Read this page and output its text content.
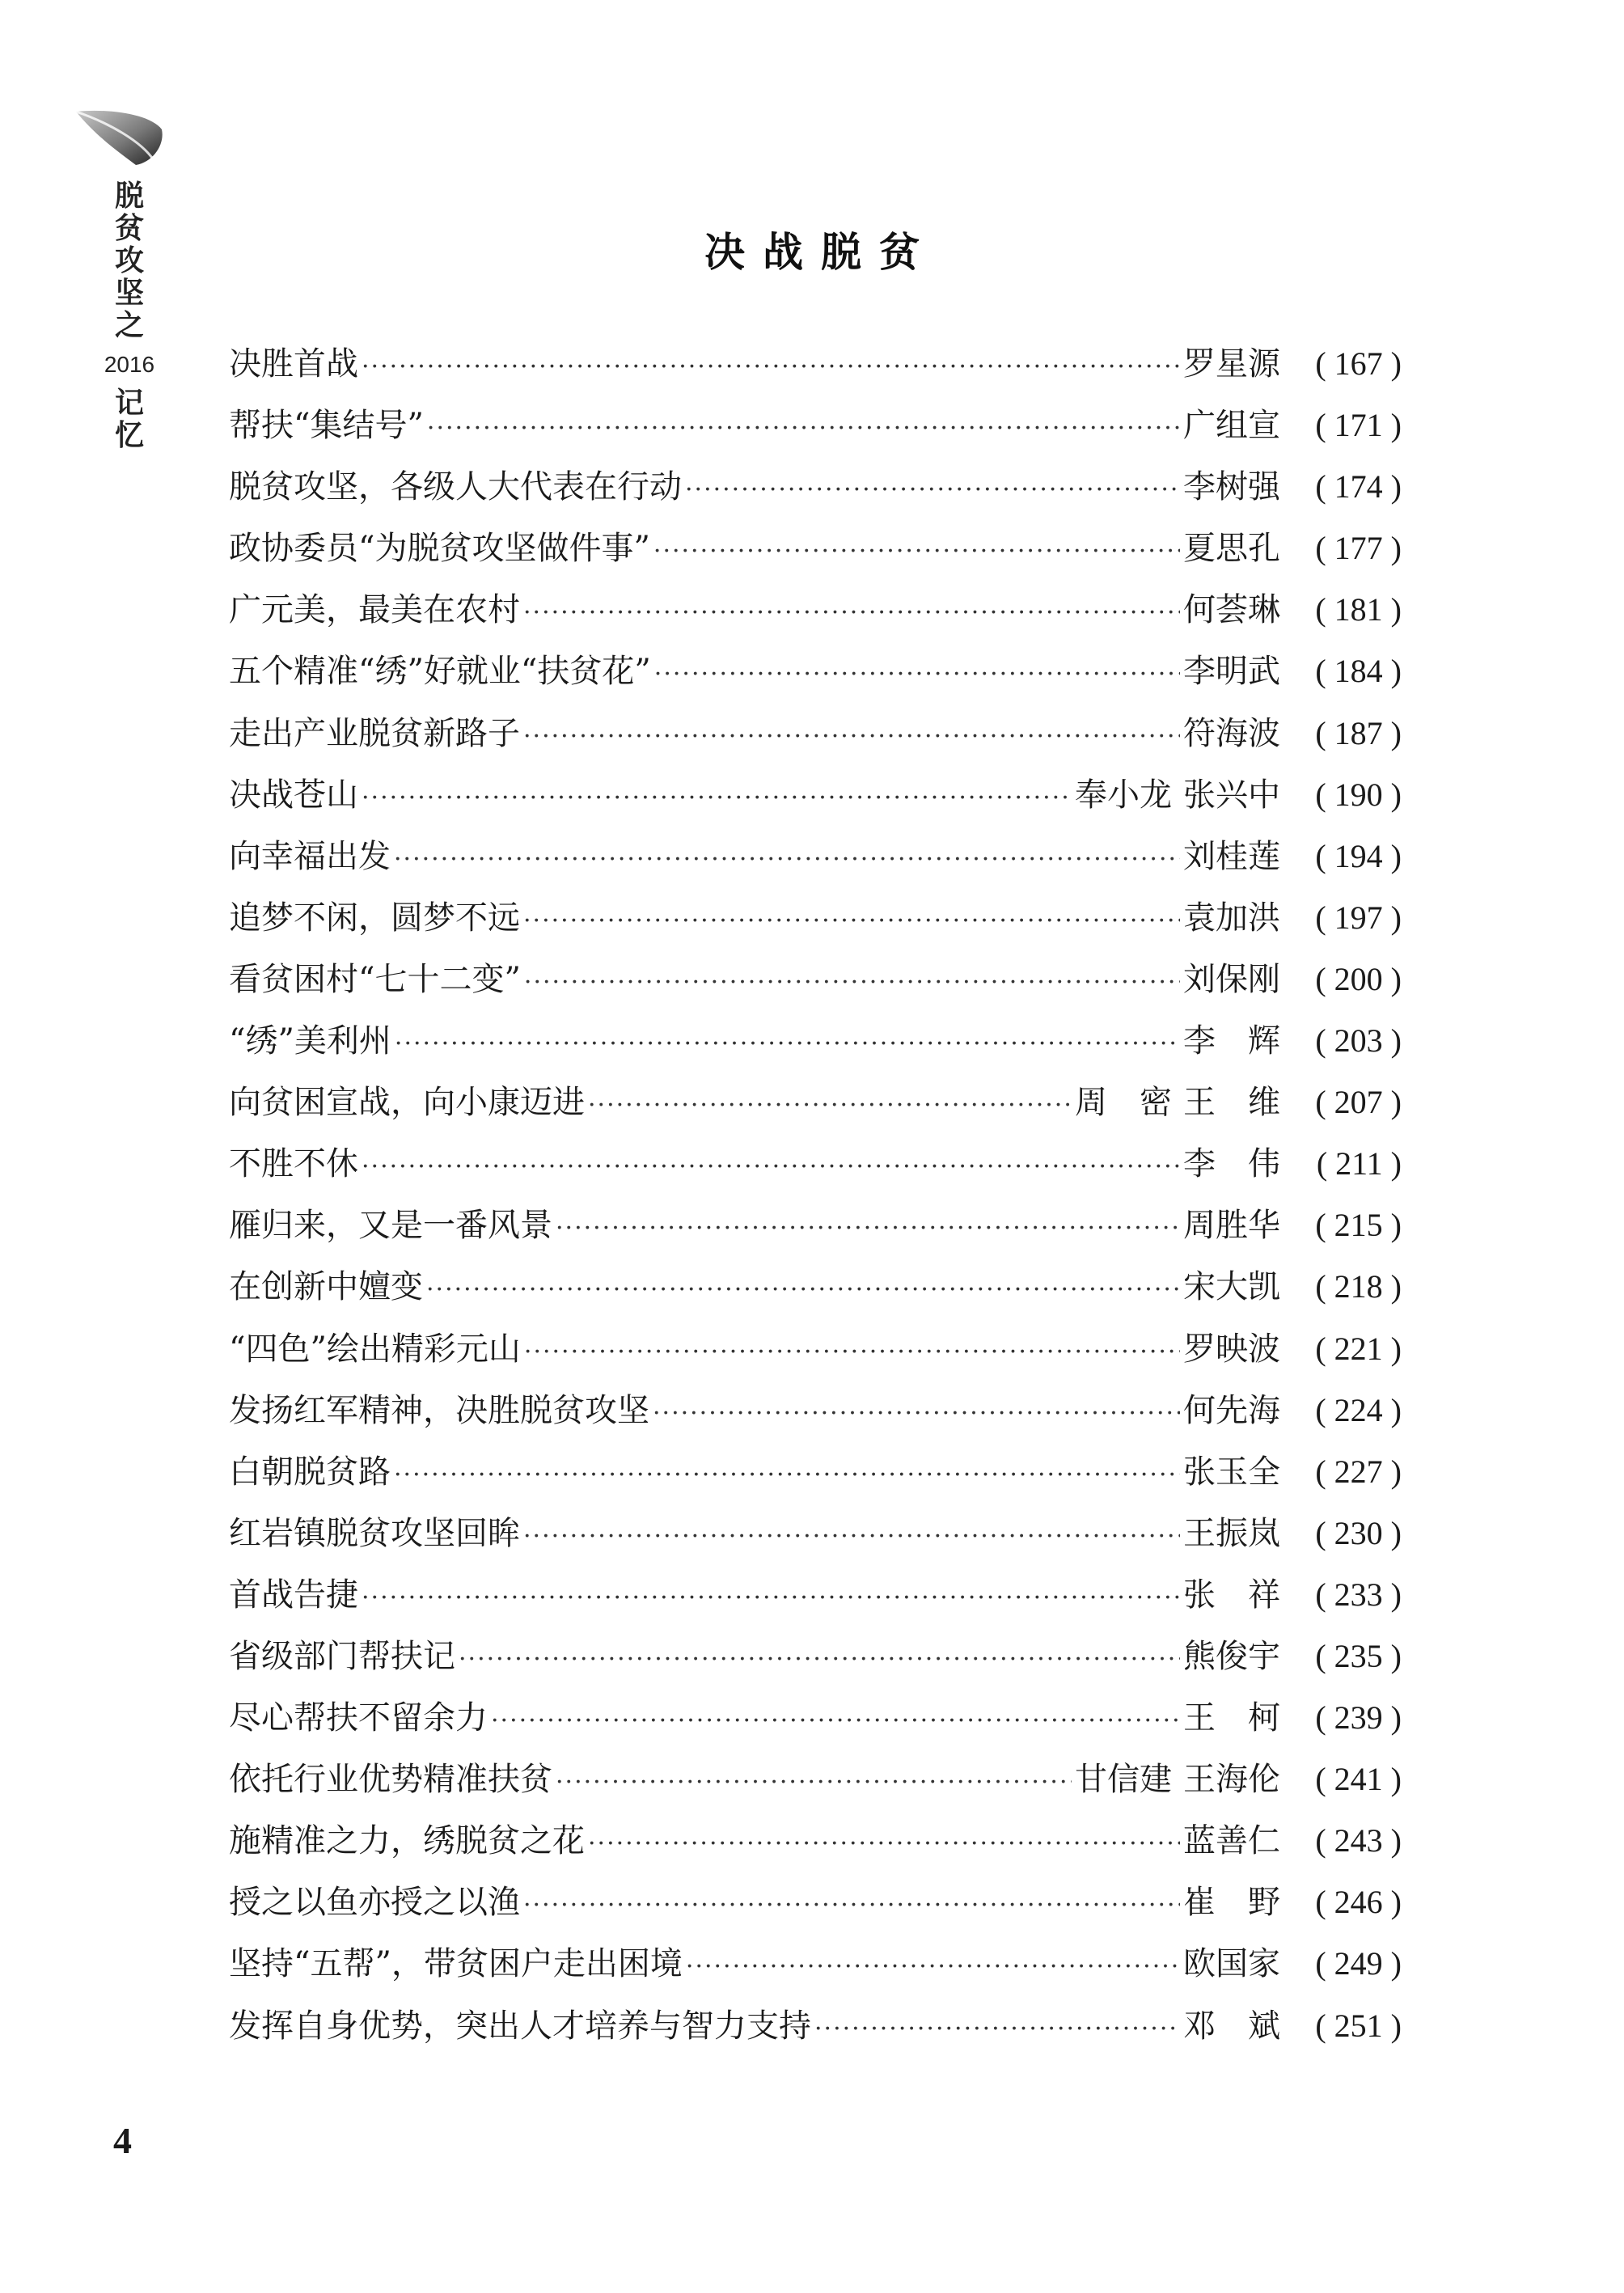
脱
贫
攻
坚
之
2016
记
忆
决战脱贫
决胜首战 ·····	罗星源	( 167 )
帮扶“集结号” ·····	广组宣	( 171 )
脱贫攻坚，各级人大代表在行动 ·····	李树强	( 174 )
政协委员“为脱贫攻坚做件事” ·····	夏思孔	( 177 )
广元美，最美在农村 ·····	何荟琳	( 181 )
五个精准“绣”好就业“扶贫花” ·····	李明武	( 184 )
走出产业脱贫新路子 ·····	符海波	( 187 )
决战苍山 ·····	奉小龙 张兴中	( 190 )
向幸福出发 ·····	刘桂莲	( 194 )
追梦不闲，圆梦不远 ·····	袁加洪	( 197 )
看贫困村“七十二变” ·····	刘保刚	( 200 )
“绣”美利州 ·····	李　辉	( 203 )
向贫困宣战，向小康迈进 ·····	周　密 王　维	( 207 )
不胜不休 ·····	李　伟	( 211 )
雁归来，又是一番风景 ·····	周胜华	( 215 )
在创新中嬗变 ·····	宋大凯	( 218 )
“四色”绘出精彩元山 ·····	罗映波	( 221 )
发扬红军精神，决胜脱贫攻坚 ·····	何先海	( 224 )
白朝脱贫路 ·····	张玉全	( 227 )
红岩镇脱贫攻坚回眸 ·····	王振岚	( 230 )
首战告捷 ·····	张　祥	( 233 )
省级部门帮扶记 ·····	熊俊宇	( 235 )
尽心帮扶不留余力 ·····	王　柯	( 239 )
依托行业优势精准扶贫 ·····	甘信建 王海伦	( 241 )
施精准之力，绣脱贫之花 ·····	蓝善仁	( 243 )
授之以鱼亦授之以渔 ·····	崔　野	( 246 )
坚持“五帮”，带贫困户走出困境 ·····	欧国家	( 249 )
发挥自身优势，突出人才培养与智力支持 ·····	邓　斌	( 251 )
4
